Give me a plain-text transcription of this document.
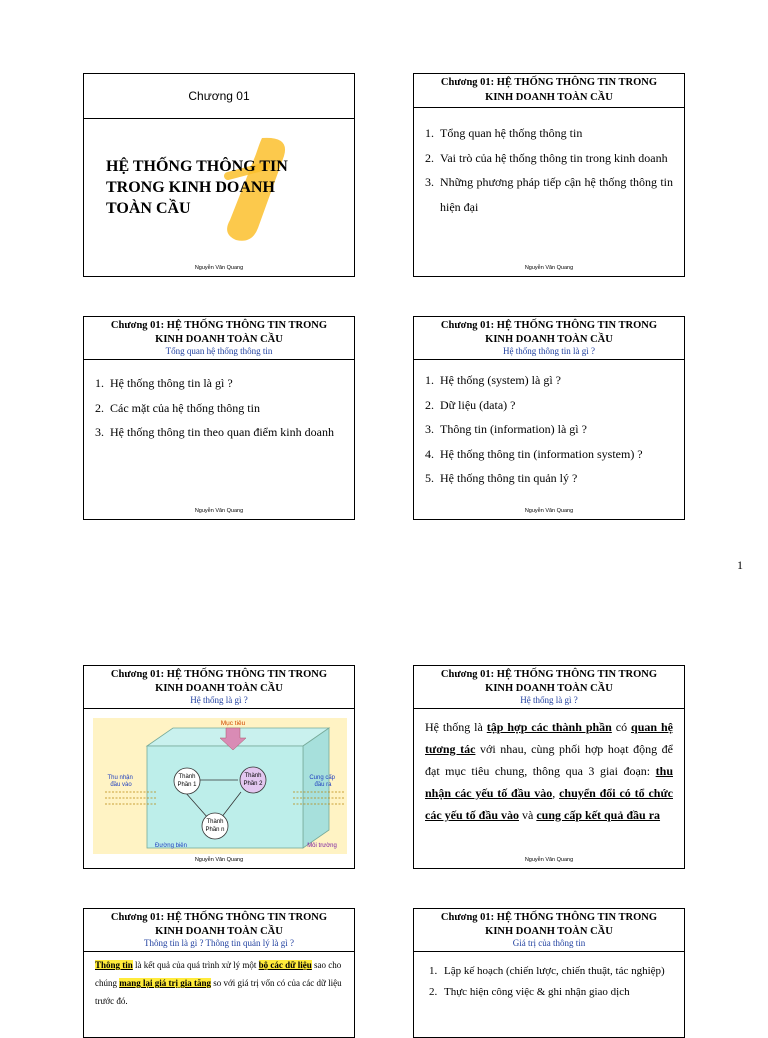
Chương 01
HỆ THỐNG THÔNG TIN
TRONG KINH DOANH
TOÀN CẦU
Nguyễn Văn Quang
Chương 01: HỆ THỐNG THÔNG TIN TRONG
KINH DOANH TOÀN CẦU
1. Tổng quan hệ thống thông tin
2. Vai trò của hệ thống thông tin trong kinh doanh
3. Những phương pháp tiếp cận hệ thống thông tin hiện đại
Nguyễn Văn Quang
Chương 01: HỆ THỐNG THÔNG TIN TRONG
KINH DOANH TOÀN CẦU
Tổng quan hệ thống thông tin
1. Hệ thống thông tin là gì ?
2. Các mặt của hệ thống thông tin
3. Hệ thống thông tin theo quan điểm kinh doanh
Nguyễn Văn Quang
Chương 01: HỆ THỐNG THÔNG TIN TRONG
KINH DOANH TOÀN CẦU
Hệ thống thông tin là gì ?
1. Hệ thống (system) là gì ?
2. Dữ liệu (data) ?
3. Thông tin (information) là gì ?
4. Hệ thống thông tin (information system) ?
5. Hệ thống thông tin quản lý ?
Nguyễn Văn Quang
1
Chương 01: HỆ THỐNG THÔNG TIN TRONG
KINH DOANH TOÀN CẦU
Hệ thống là gì ?
Mục tiêu
Thành
Phần 1
Thành
Phần 2
Thành
Phần n
Thu nhận đầu vào
Cung cấp đầu ra
Đường biên	Môi trường
Nguyễn Văn Quang
Chương 01: HỆ THỐNG THÔNG TIN TRONG
KINH DOANH TOÀN CẦU
Hệ thống là gì ?
Hệ thống là tập hợp các thành phần có quan hệ tương tác với nhau, cùng phối hợp hoạt động để đạt mục tiêu chung, thông qua 3 giai đoạn: thu nhận các yếu tố đầu vào, chuyển đổi có tổ chức các yếu tố đầu vào và cung cấp kết quả đầu ra
Nguyễn Văn Quang
Chương 01: HỆ THỐNG THÔNG TIN TRONG
KINH DOANH TOÀN CẦU
Thông tin là gì ? Thông tin quản lý là gì ?
Thông tin là kết quả của quá trình xử lý một bộ các dữ liệu sao cho chúng mang lại giá trị gia tăng so với giá trị vốn có của các dữ liệu trước đó.
Chương 01: HỆ THỐNG THÔNG TIN TRONG
KINH DOANH TOÀN CẦU
Giá trị của thông tin
1. Lập kế hoạch (chiến lược, chiến thuật, tác nghiệp)
2. Thực hiện công việc & ghi nhận giao dịch
